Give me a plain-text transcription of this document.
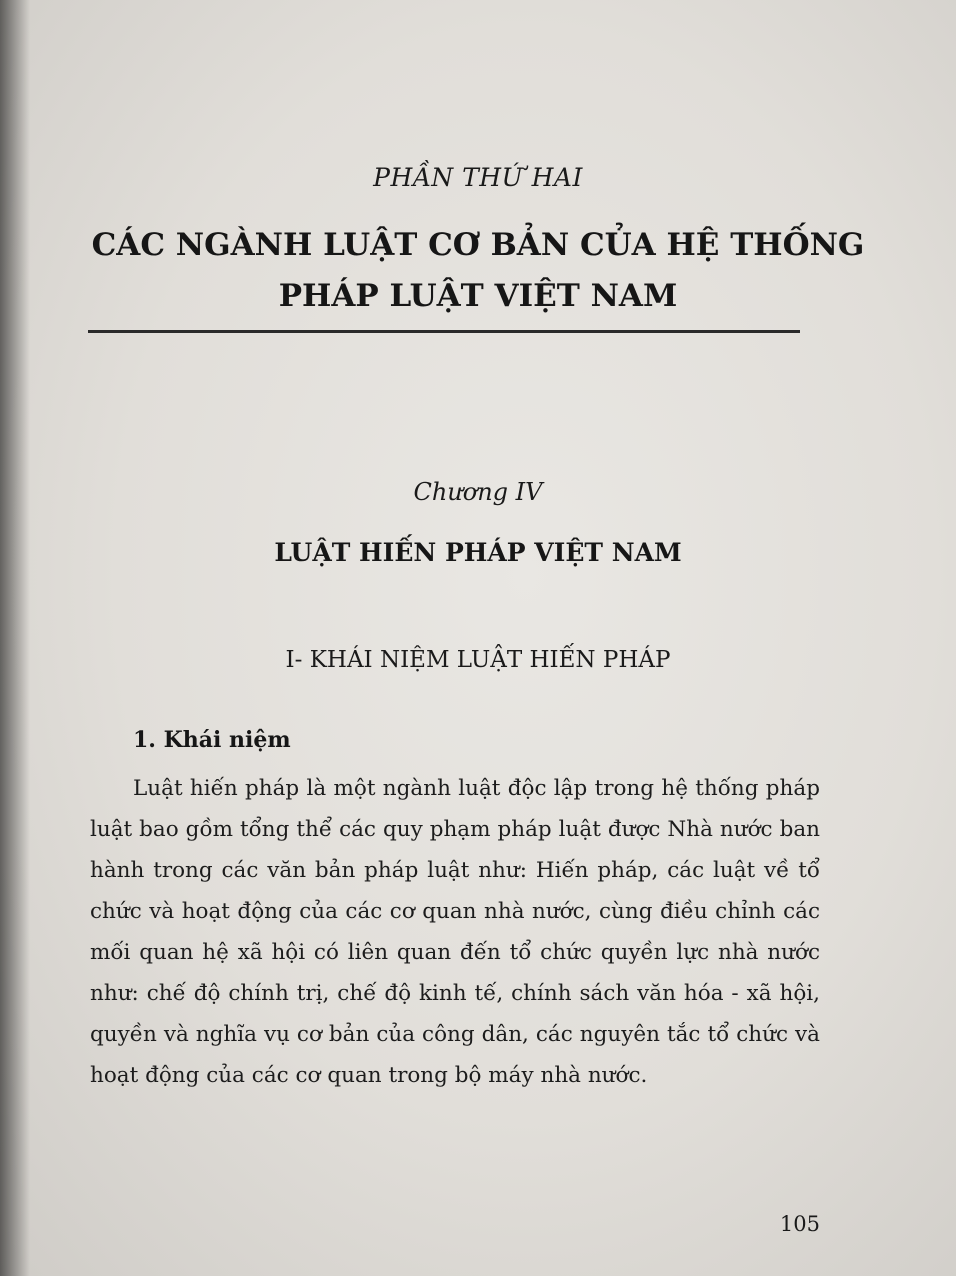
PHẦN THỨ HAI
CÁC NGÀNH LUẬT CƠ BẢN CỦA HỆ THỐNG PHÁP LUẬT VIỆT NAM
Chương IV
LUẬT HIẾN PHÁP VIỆT NAM
I- KHÁI NIỆM LUẬT HIẾN PHÁP
1. Khái niệm

Luật hiến pháp là một ngành luật độc lập trong hệ thống pháp luật bao gồm tổng thể các quy phạm pháp luật được Nhà nước ban hành trong các văn bản pháp luật như: Hiến pháp, các luật về tổ chức và hoạt động của các cơ quan nhà nước, cùng điều chỉnh các mối quan hệ xã hội có liên quan đến tổ chức quyền lực nhà nước như: chế độ chính trị, chế độ kinh tế, chính sách văn hóa - xã hội, quyền và nghĩa vụ cơ bản của công dân, các nguyên tắc tổ chức và hoạt động của các cơ quan trong bộ máy nhà nước.

105
